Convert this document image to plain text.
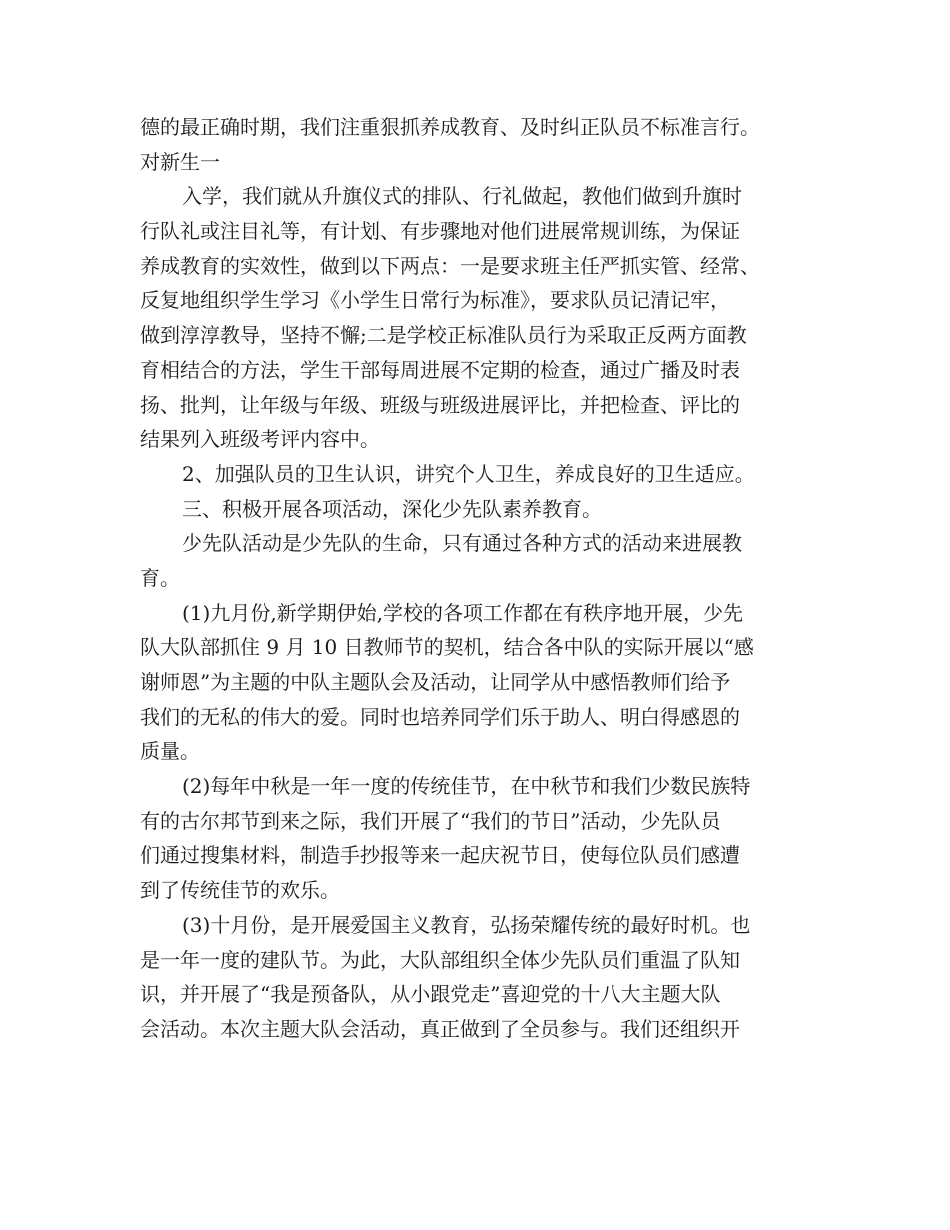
德的最正确时期，我们注重狠抓养成教育、及时纠正队员不标准言行。
对新生一
入学，我们就从升旗仪式的排队、行礼做起，教他们做到升旗时
行队礼或注目礼等，有计划、有步骤地对他们进展常规训练，为保证
养成教育的实效性，做到以下两点：一是要求班主任严抓实管、经常、
反复地组织学生学习《小学生日常行为标准》，要求队员记清记牢，
做到淳淳教导，坚持不懈;二是学校正标准队员行为采取正反两方面教
育相结合的方法，学生干部每周进展不定期的检查，通过广播及时表
扬、批判，让年级与年级、班级与班级进展评比，并把检查、评比的
结果列入班级考评内容中。
2、加强队员的卫生认识，讲究个人卫生，养成良好的卫生适应。
三、积极开展各项活动，深化少先队素养教育。
少先队活动是少先队的生命，只有通过各种方式的活动来进展教
育。
(1)九月份,新学期伊始,学校的各项工作都在有秩序地开展，少先
队大队部抓住 9 月 10 日教师节的契机，结合各中队的实际开展以“感
谢师恩”为主题的中队主题队会及活动，让同学从中感悟教师们给予
我们的无私的伟大的爱。同时也培养同学们乐于助人、明白得感恩的
质量。
(2)每年中秋是一年一度的传统佳节，在中秋节和我们少数民族特
有的古尔邦节到来之际，我们开展了“我们的节日”活动，少先队员
们通过搜集材料，制造手抄报等来一起庆祝节日，使每位队员们感遭
到了传统佳节的欢乐。
(3)十月份，是开展爱国主义教育，弘扬荣耀传统的最好时机。也
是一年一度的建队节。为此，大队部组织全体少先队员们重温了队知
识，并开展了“我是预备队，从小跟党走”喜迎党的十八大主题大队
会活动。本次主题大队会活动，真正做到了全员参与。我们还组织开
